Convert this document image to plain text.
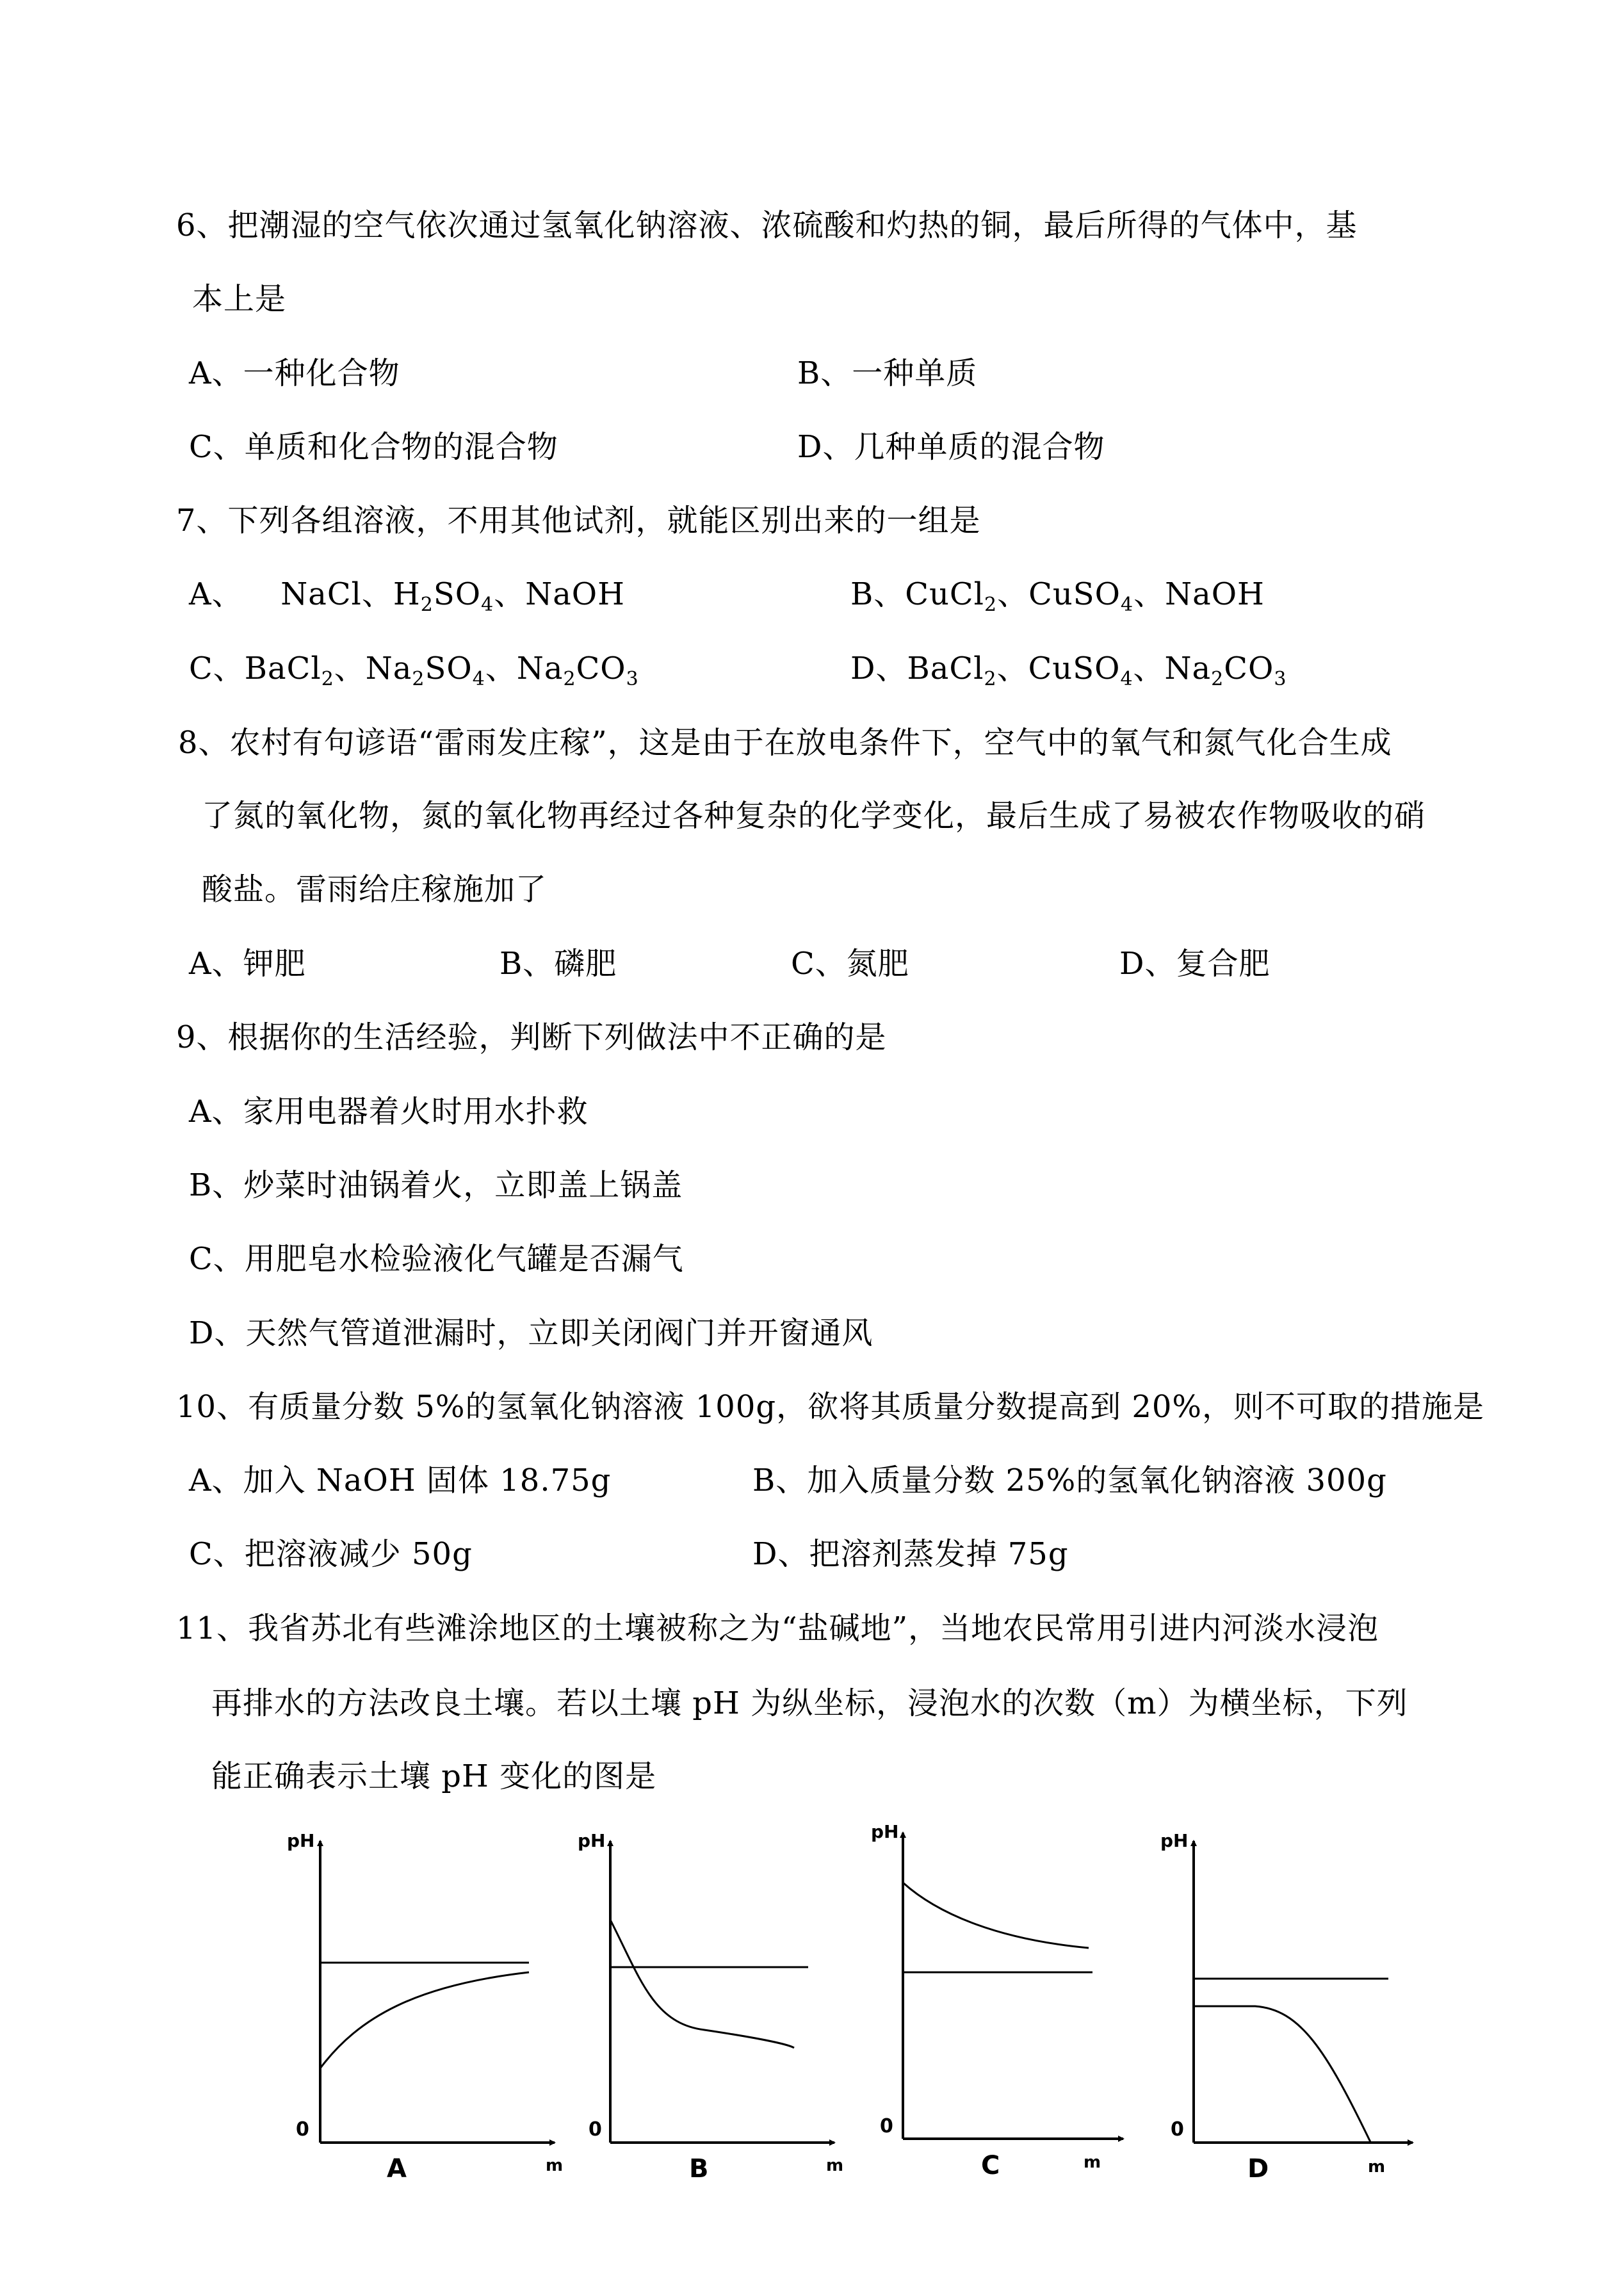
6、把潮湿的空气依次通过氢氧化钠溶液、浓硫酸和灼热的铜，最后所得的气体中，基
本上是
A、一种化合物	B、一种单质
C、单质和化合物的混合物	D、几种单质的混合物
7、下列各组溶液，不用其他试剂，就能区别出来的一组是
A、 NaCl、$H_2SO_4$、NaOH	B、CuCl$_2$、CuSO$_4$、NaOH
C、BaCl$_2$、$Na_2SO_4$、$Na_2CO_3$	D、BaCl$_2$、CuSO$_4$、$Na_2CO_3$
8、农村有句谚语“雷雨发庄稼”，这是由于在放电条件下，空气中的氧气和氮气化合生成
了氮的氧化物，氮的氧化物再经过各种复杂的化学变化，最后生成了易被农作物吸收的硝
酸盐。雷雨给庄稼施加了
A、钾肥	B、磷肥	C、氮肥	D、复合肥
9、根据你的生活经验，判断下列做法中不正确的是
A、家用电器着火时用水扑救
B、炒菜时油锅着火，立即盖上锅盖
C、用肥皂水检验液化气罐是否漏气
D、天然气管道泄漏时，立即关闭阀门并开窗通风
10、有质量分数 5%的氢氧化钠溶液 100g，欲将其质量分数提高到 20%，则不可取的措施是
A、加入 NaOH 固体 18.75g	B、加入质量分数 25%的氢氧化钠溶液 300g
C、把溶液减少 50g	D、把溶剂蒸发掉 75g
11、我省苏北有些滩涂地区的土壤被称之为“盐碱地”，当地农民常用引进内河淡水浸泡
再排水的方法改良土壤。若以土壤 pH 为纵坐标，浸泡水的次数（m）为横坐标，下列
能正确表示土壤 pH 变化的图是
pH
0
m
A
pH
0
m
B
pH
0
m
C
pH
0
m
D
